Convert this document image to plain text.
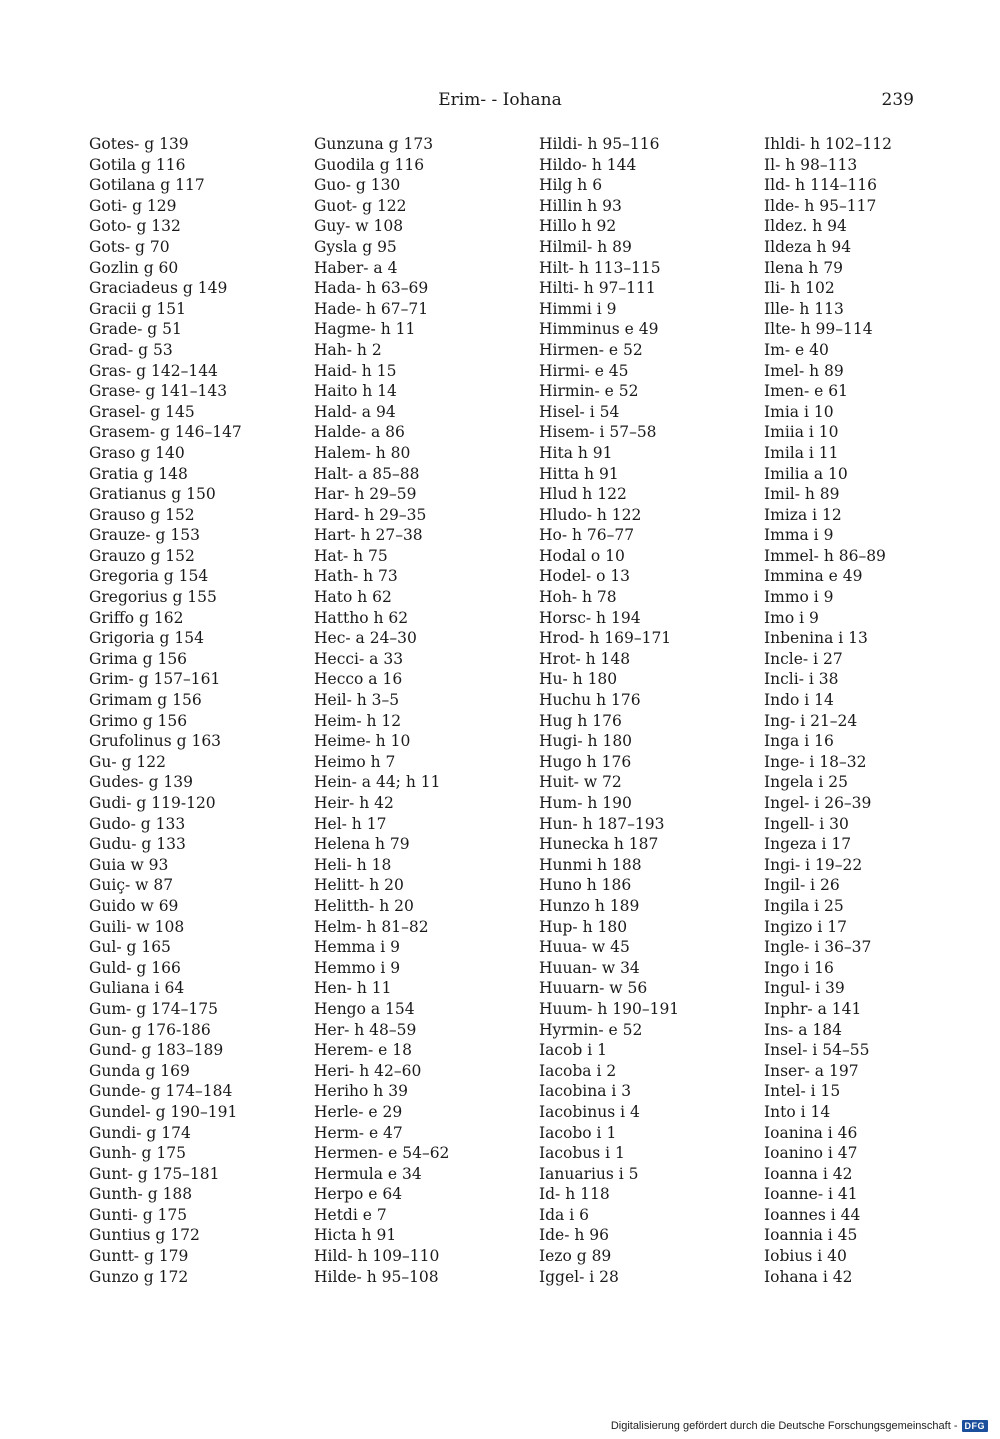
Erim- - Iohana	239
Gotes- g 139
Gotila g 116
Gotilana g 117
Goti- g 129
Goto- g 132
Gots- g 70
Gozlin g 60
Graciadeus g 149
Gracii g 151
Grade- g 51
Grad- g 53
Gras- g 142–144
Grase- g 141–143
Grasel- g 145
Grasem- g 146–147
Graso g 140
Gratia g 148
Gratianus g 150
Grauso g 152
Grauze- g 153
Grauzo g 152
Gregoria g 154
Gregorius g 155
Griffo g 162
Grigoria g 154
Grima g 156
Grim- g 157–161
Grimam g 156
Grimo g 156
Grufolinus g 163
Gu- g 122
Gudes- g 139
Gudi- g 119-120
Gudo- g 133
Gudu- g 133
Guia w 93
Guiç- w 87
Guido w 69
Guili- w 108
Gul- g 165
Guld- g 166
Guliana i 64
Gum- g 174–175
Gun- g 176-186
Gund- g 183–189
Gunda g 169
Gunde- g 174–184
Gundel- g 190–191
Gundi- g 174
Gunh- g 175
Gunt- g 175–181
Gunth- g 188
Gunti- g 175
Guntius g 172
Guntt- g 179
Gunzo g 172
Gunzuna g 173
Guodila g 116
Guo- g 130
Guot- g 122
Guy- w 108
Gysla g 95
Haber- a 4
Hada- h 63–69
Hade- h 67–71
Hagme- h 11
Hah- h 2
Haid- h 15
Haito h 14
Hald- a 94
Halde- a 86
Halem- h 80
Halt- a 85–88
Har- h 29–59
Hard- h 29–35
Hart- h 27–38
Hat- h 75
Hath- h 73
Hato h 62
Hattho h 62
Hec- a 24–30
Hecci- a 33
Hecco a 16
Heil- h 3–5
Heim- h 12
Heime- h 10
Heimo h 7
Hein- a 44; h 11
Heir- h 42
Hel- h 17
Helena h 79
Heli- h 18
Helitt- h 20
Helitth- h 20
Helm- h 81–82
Hemma i 9
Hemmo i 9
Hen- h 11
Hengo a 154
Her- h 48–59
Herem- e 18
Heri- h 42–60
Heriho h 39
Herle- e 29
Herm- e 47
Hermen- e 54–62
Hermula e 34
Herpo e 64
Hetdi e 7
Hicta h 91
Hild- h 109–110
Hilde- h 95–108
Hildi- h 95–116
Hildo- h 144
Hilg h 6
Hillin h 93
Hillo h 92
Hilmil- h 89
Hilt- h 113–115
Hilti- h 97–111
Himmi i 9
Himminus e 49
Hirmen- e 52
Hirmi- e 45
Hirmin- e 52
Hisel- i 54
Hisem- i 57–58
Hita h 91
Hitta h 91
Hlud h 122
Hludo- h 122
Ho- h 76–77
Hodal o 10
Hodel- o 13
Hoh- h 78
Horsc- h 194
Hrod- h 169–171
Hrot- h 148
Hu- h 180
Huchu h 176
Hug h 176
Hugi- h 180
Hugo h 176
Huit- w 72
Hum- h 190
Hun- h 187–193
Hunecka h 187
Hunmi h 188
Huno h 186
Hunzo h 189
Hup- h 180
Huua- w 45
Huuan- w 34
Huuarn- w 56
Huum- h 190–191
Hyrmin- e 52
Iacob i 1
Iacoba i 2
Iacobina i 3
Iacobinus i 4
Iacobo i 1
Iacobus i 1
Ianuarius i 5
Id- h 118
Ida i 6
Ide- h 96
Iezo g 89
Iggel- i 28
Ihldi- h 102–112
Il- h 98–113
Ild- h 114–116
Ilde- h 95–117
Ildez. h 94
Ildeza h 94
Ilena h 79
Ili- h 102
Ille- h 113
Ilte- h 99–114
Im- e 40
Imel- h 89
Imen- e 61
Imia i 10
Imiia i 10
Imila i 11
Imilia a 10
Imil- h 89
Imiza i 12
Imma i 9
Immel- h 86–89
Immina e 49
Immo i 9
Imo i 9
Inbenina i 13
Incle- i 27
Incli- i 38
Indo i 14
Ing- i 21–24
Inga i 16
Inge- i 18–32
Ingela i 25
Ingel- i 26–39
Ingell- i 30
Ingeza i 17
Ingi- i 19–22
Ingil- i 26
Ingila i 25
Ingizo i 17
Ingle- i 36–37
Ingo i 16
Ingul- i 39
Inphr- a 141
Ins- a 184
Insel- i 54–55
Inser- a 197
Intel- i 15
Into i 14
Ioanina i 46
Ioanino i 47
Ioanna i 42
Ioanne- i 41
Ioannes i 44
Ioannia i 45
Iobius i 40
Iohana i 42
Digitalisierung gefördert durch die Deutsche Forschungsgemeinschaft - DFG
